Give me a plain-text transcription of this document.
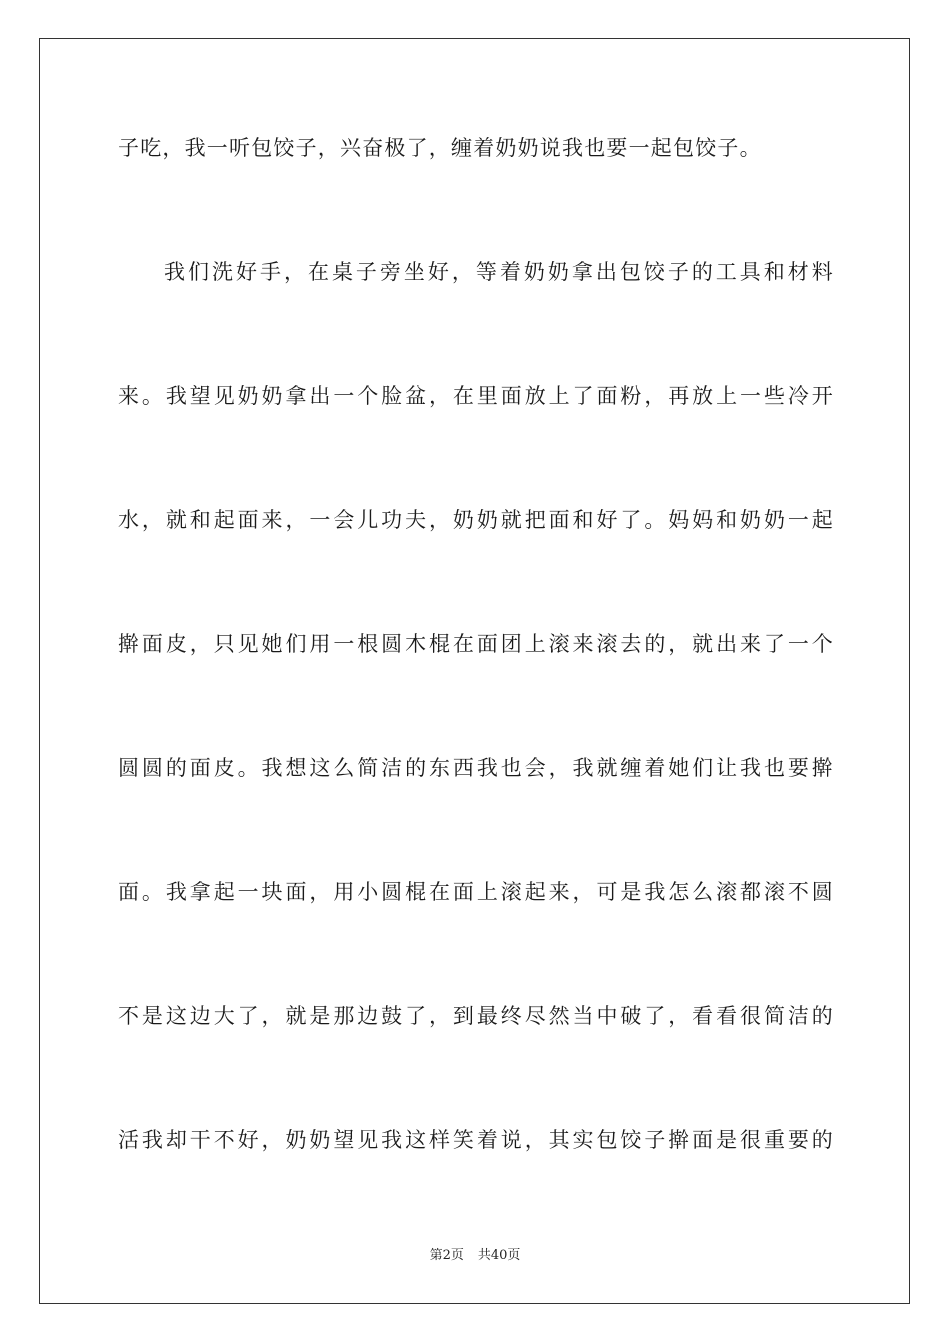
子吃，我一听包饺子，兴奋极了，缠着奶奶说我也要一起包饺子。
我们洗好手，在桌子旁坐好，等着奶奶拿出包饺子的工具和材料
来。我望见奶奶拿出一个脸盆，在里面放上了面粉，再放上一些冷开
水，就和起面来，一会儿功夫，奶奶就把面和好了。妈妈和奶奶一起
擀面皮，只见她们用一根圆木棍在面团上滚来滚去的，就出来了一个
圆圆的面皮。我想这么简洁的东西我也会，我就缠着她们让我也要擀
面。我拿起一块面，用小圆棍在面上滚起来，可是我怎么滚都滚不圆
不是这边大了，就是那边鼓了，到最终尽然当中破了，看看很简洁的
活我却干不好，奶奶望见我这样笑着说，其实包饺子擀面是很重要的
第2页 共40页
